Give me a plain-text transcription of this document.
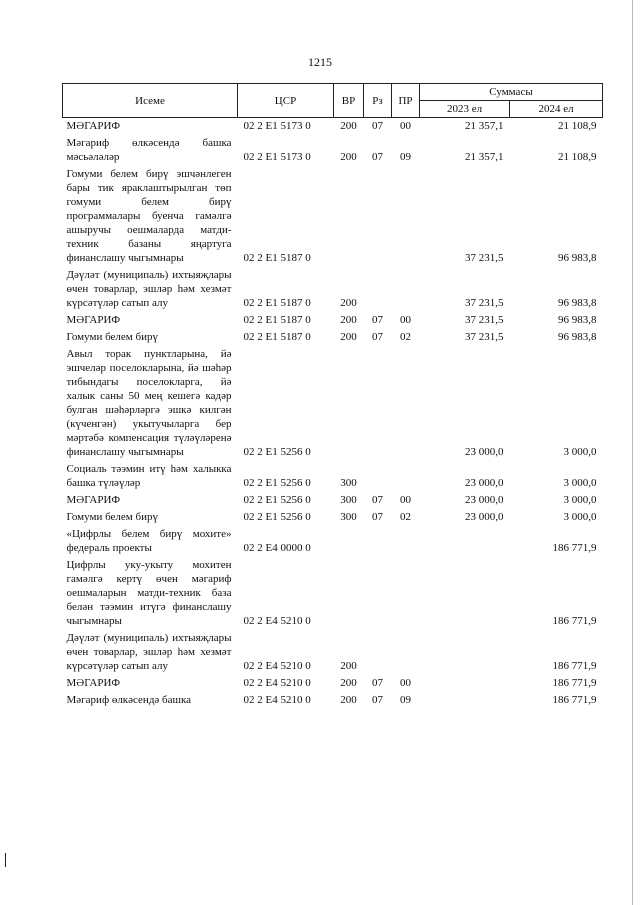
1215
Исеме	ЦСР	ВР	Рз	ПР	Суммасы	
					2023 ел	2024 ел
МӘГАРИФ	02 2 E1 5173 0	200	07	00	21 357,1	21 108,9
Мәгариф өлкәсендә башка мәсьәләләр	02 2 E1 5173 0	200	07	09	21 357,1	21 108,9
Гомуми белем бирү эшчәнлеген бары тик яраклаштырылган төп гомуми белем бирү программалары буенча гамәлгә ашыручы оешмаларда матди-техник базаны яңартуга финанслашу чыгымнары	02 2 E1 5187 0				37 231,5	96 983,8
Дәүләт (муниципаль) ихтыяҗлары өчен товарлар, эшләр һәм хезмәт күрсәтүләр сатып алу	02 2 E1 5187 0	200			37 231,5	96 983,8
МӘГАРИФ	02 2 E1 5187 0	200	07	00	37 231,5	96 983,8
Гомуми белем бирү	02 2 E1 5187 0	200	07	02	37 231,5	96 983,8
Авыл торак пунктларына, йә эшчеләр поселокларына, йә шәһәр тибындагы поселокларга, йә халык саны 50 мең кешегә кадәр булган шәһәрләргә эшкә килгән (күченгән) укытучыларга бер мәртәбә компенсация түләүләренә финанслашу чыгымнары	02 2 E1 5256 0				23 000,0	3 000,0
Социаль тәэмин итү һәм халыкка башка түләүләр	02 2 E1 5256 0	300			23 000,0	3 000,0
МӘГАРИФ	02 2 E1 5256 0	300	07	00	23 000,0	3 000,0
Гомуми белем бирү	02 2 E1 5256 0	300	07	02	23 000,0	3 000,0
«Цифрлы белем бирү мохите» федераль проекты	02 2 E4 0000 0					186 771,9
Цифрлы уку-укыту мохитен гамәлгә кертү өчен мәгариф оешмаларын матди-техник база белән тәэмин итүгә финанслашу чыгымнары	02 2 E4 5210 0					186 771,9
Дәүләт (муниципаль) ихтыяҗлары өчен товарлар, эшләр һәм хезмәт күрсәтүләр сатып алу	02 2 E4 5210 0	200				186 771,9
МӘГАРИФ	02 2 E4 5210 0	200	07	00		186 771,9
Мәгариф өлкәсендә башка	02 2 E4 5210 0	200	07	09		186 771,9
